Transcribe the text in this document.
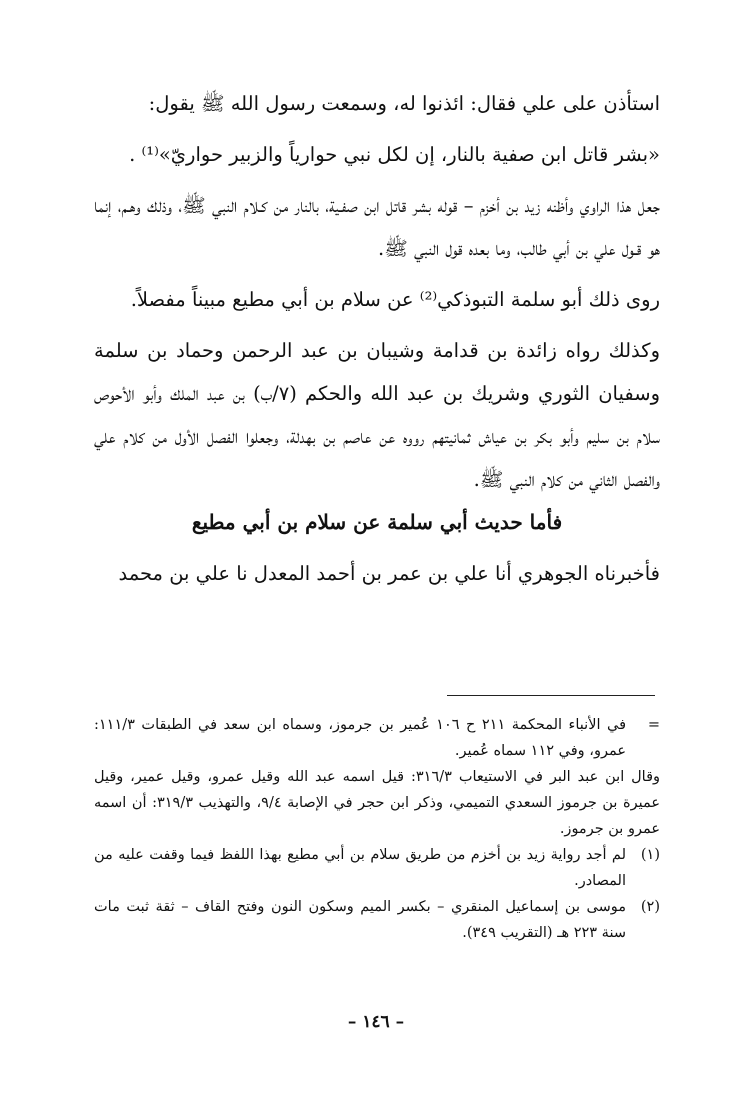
استأذن على علي فقال: ائذنوا له، وسمعت رسول الله ﷺ يقول:

«بشر قاتل ابن صفية بالنار، إن لكل نبي حوارياً والزبير حواريّ»⁽¹⁾ .

جعل هذا الراوي وأظنه زيد بن أخزم – قوله بشر قاتل ابن صفـية، بالنار من كـلام النبي ﷺ، وذلك وهـم، إنما هو قـول علي بن أبي طالب، وما بعده قول النبي ﷺ.

روى ذلك أبو سلمة التبوذكي⁽²⁾ عن سلام بن أبي مطيع مبيناً مفصلاً.

وكذلك رواه زائدة بن قدامة وشيبان بن عبد الرحمن وحماد بن سلمة وسفيان الثوري وشريك بن عبد الله والحكم (٧/ب) بن عبد الملك وأبو الأحوص سلام بن سليم وأبو بكر بن عياش ثمانيتهم رووه عن عاصم بن بهدلة، وجعلوا الفصل الأول من كلام علي والفصل الثاني من كلام النبي ﷺ.

فأما حديث أبي سلمة عن سلام بن أبي مطيع

فأخبرناه الجوهري أنا علي بن عمر بن أحمد المعدل نا علي بن محمد

=
في الأنباء المحكمة ٢١١ ح ١٠٦ عُمير بن جرموز، وسماه ابن سعد في الطبقات ١١١/٣: عمرو، وفي ١١٢ سماه عُمير.
وقال ابن عبد البر في الاستيعاب ٣١٦/٣: قيل اسمه عبد الله وقيل عمرو، وقيل عمير، وقيل عميرة بن جرموز السعدي التميمي، وذكر ابن حجر في الإصابة ٩/٤، والتهذيب ٣١٩/٣: أن اسمه عمرو بن جرموز.
(١)
لم أجد رواية زيد بن أخزم من طريق سلام بن أبي مطيع بهذا اللفظ فيما وقفت عليه من المصادر.
(٢)
موسى بن إسماعيل المنقري – بكسر الميم وسكون النون وفتح القاف – ثقة ثبت مات سنة ٢٢٣ هـ (التقريب ٣٤٩).
– ١٤٦ –
